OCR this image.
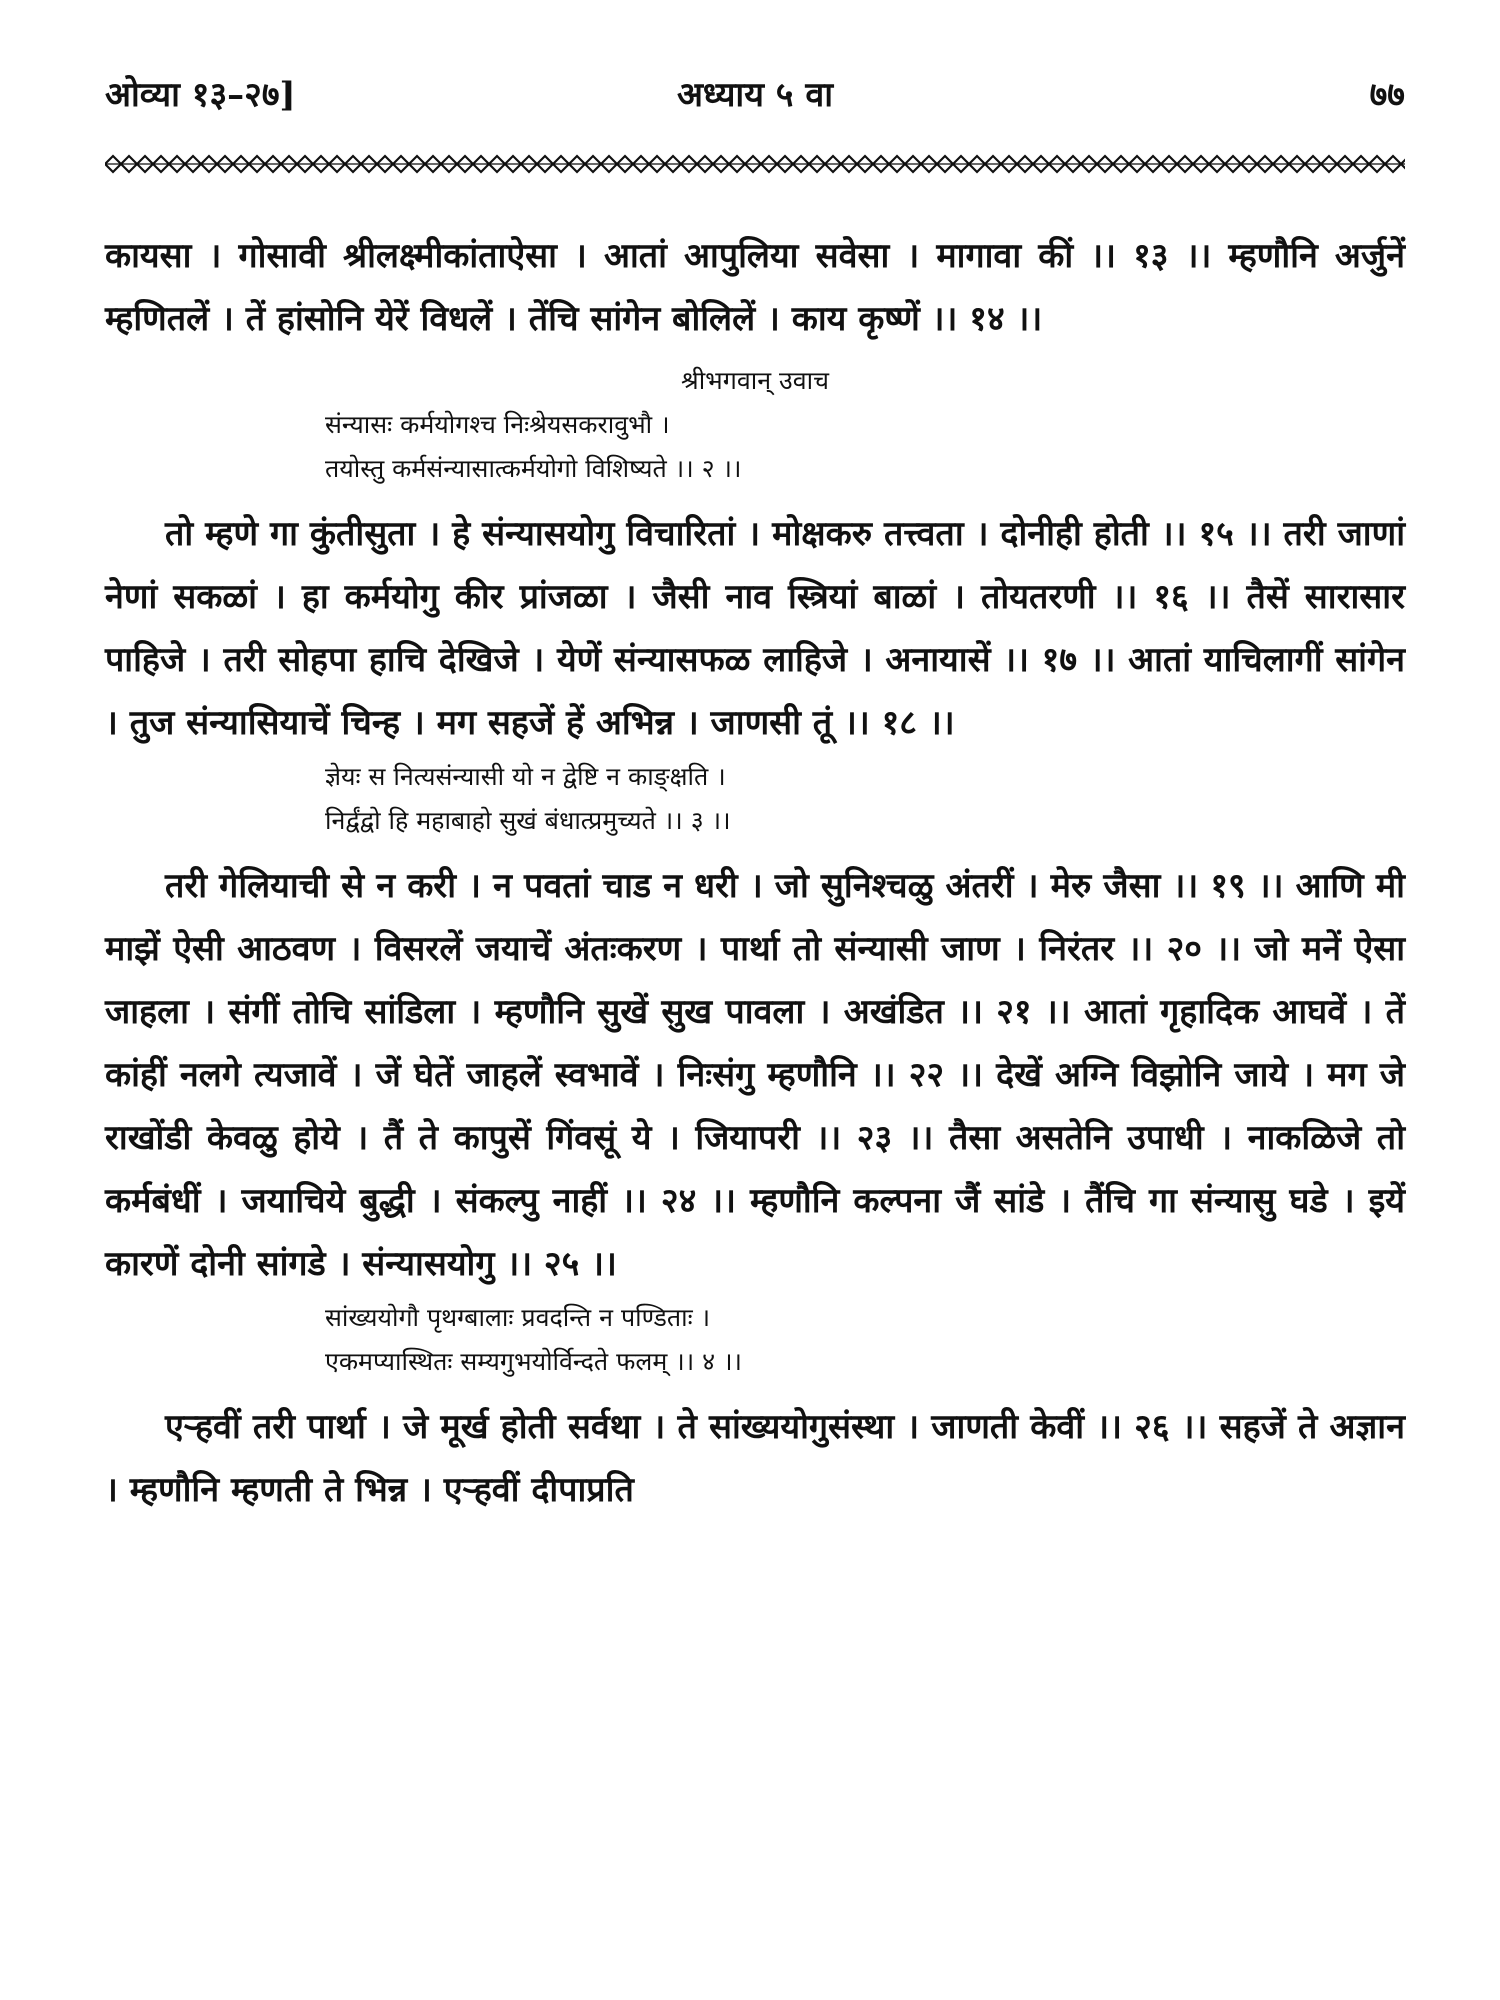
ओव्या १३–२७]	अध्याय ५ वा	७७

कायसा । गोसावी श्रीलक्ष्मीकांताऐसा । आतां आपुलिया सवेसा । मागावा कीं ।। १३ ।। म्हणौनि अर्जुनें म्हणितलें । तें हांसोनि येरें विधलें । तेंचि सांगेन बोलिलें । काय कृष्णें ।। १४ ।।

श्रीभगवान् उवाच
संन्यासः कर्मयोगश्च निःश्रेयसकरावुभौ ।
तयोस्तु कर्मसंन्यासात्कर्मयोगो विशिष्यते ।। २ ।।

तो म्हणे गा कुंतीसुता । हे संन्यासयोगु विचारितां । मोक्षकरु तत्त्वता । दोनीही होती ।। १५ ।। तरी जाणां नेणां सकळां । हा कर्मयोगु कीर प्रांजळा । जैसी नाव स्त्रियां बाळां । तोयतरणी ।। १६ ।। तैसें सारासार पाहिजे । तरी सोहपा हाचि देखिजे । येणें संन्यासफळ लाहिजे । अनायासें ।। १७ ।। आतां याचिलागीं सांगेन । तुज संन्यासियाचें चिन्ह । मग सहजें हें अभिन्न । जाणसी तूं ।। १८ ।।

ज्ञेयः स नित्यसंन्यासी यो न द्वेष्टि न काङ्क्षति ।
निर्द्वंद्वो हि महाबाहो सुखं बंधात्प्रमुच्यते ।। ३ ।।

तरी गेलियाची से न करी । न पवतां चाड न धरी । जो सुनिश्चळु अंतरीं । मेरु जैसा ।। १९ ।। आणि मी माझें ऐसी आठवण । विसरलें जयाचें अंतःकरण । पार्था तो संन्यासी जाण । निरंतर ।। २० ।। जो मनें ऐसा जाहला । संगीं तोचि सांडिला । म्हणौनि सुखें सुख पावला । अखंडित ।। २१ ।। आतां गृहादिक आघवें । तें कांहीं नलगे त्यजावें । जें घेतें जाहलें स्वभावें । निःसंगु म्हणौनि ।। २२ ।। देखें अग्नि विझोनि जाये । मग जे राखोंडी केवळु होये । तैं ते कापुसें गिंवसूं ये । जियापरी ।। २३ ।। तैसा असतेनि उपाधी । नाकळिजे तो कर्मबंधीं । जयाचिये बुद्धी । संकल्पु नाहीं ।। २४ ।। म्हणौनि कल्पना जैं सांडे । तैंचि गा संन्यासु घडे । इयें कारणें दोनी सांगडे । संन्यासयोगु ।। २५ ।।

सांख्ययोगौ पृथग्बालाः प्रवदन्ति न पण्डिताः ।
एकमप्यास्थितः सम्यगुभयोर्विन्दते फलम् ।। ४ ।।

एऱ्हवीं तरी पार्था । जे मूर्ख होती सर्वथा । ते सांख्ययोगुसंस्था । जाणती केवीं ।। २६ ।। सहजें ते अज्ञान । म्हणौनि म्हणती ते भिन्न । एऱ्हवीं दीपाप्रति
